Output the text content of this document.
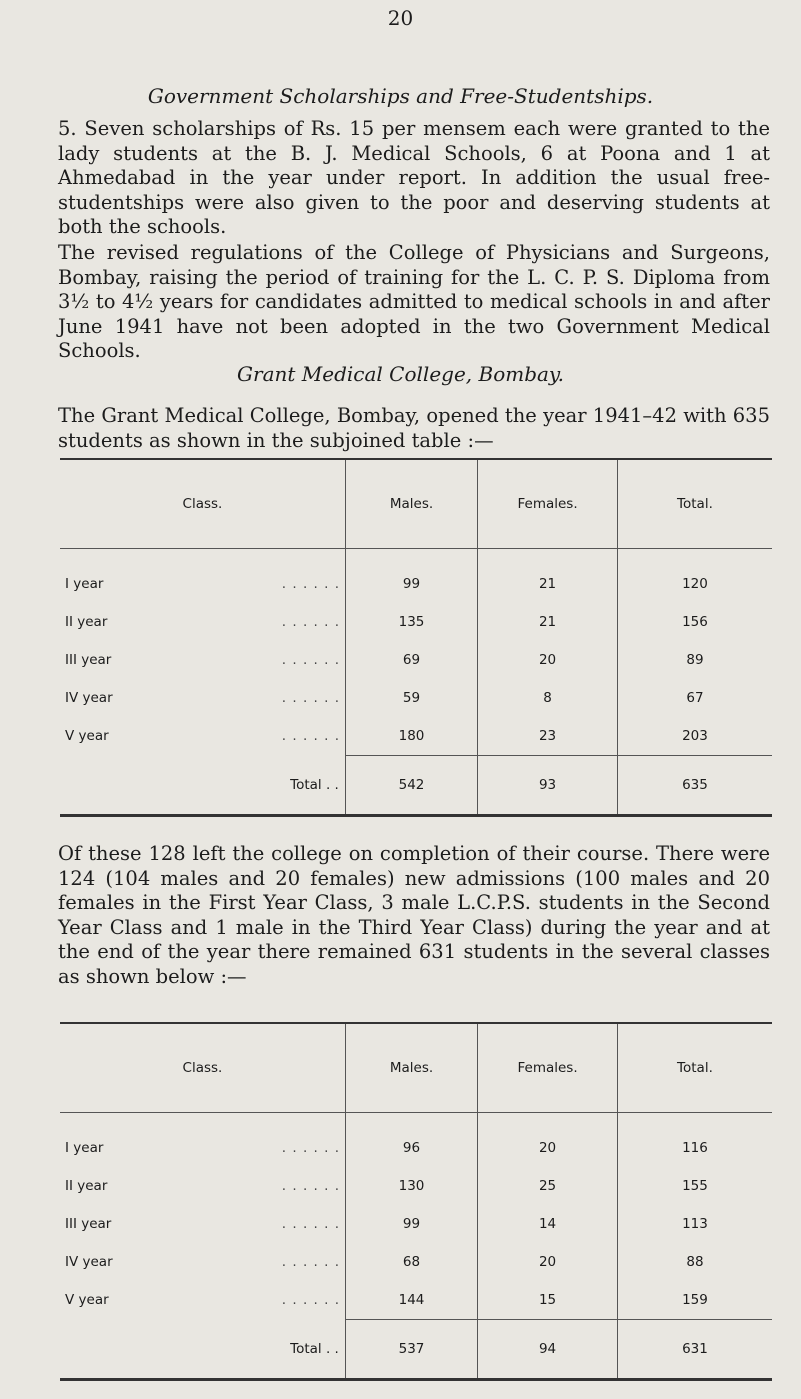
20
Government Scholarships and Free-Studentships.

5. Seven scholarships of Rs. 15 per mensem each were granted to the lady students at the B. J. Medical Schools, 6 at Poona and 1 at Ahmedabad in the year under report. In addition the usual free-studentships were also given to the poor and deserving students at both the schools.

The revised regulations of the College of Physicians and Surgeons, Bombay, raising the period of training for the L. C. P. S. Diploma from 3½ to 4½ years for candidates admitted to medical schools in and after June 1941 have not been adopted in the two Government Medical Schools.

Grant Medical College, Bombay.

The Grant Medical College, Bombay, opened the year 1941–42 with 635 students as shown in the subjoined table :—

Class.	Males.	Females.	Total.

I year . . . . . .	99	21	120
II year . . . . . .	135	21	156
III year . . . . . .	69	20	89
IV year . . . . . .	59	8	67
V year . . . . . .	180	23	203
Total . .	542	93	635

Of these 128 left the college on completion of their course. There were 124 (104 males and 20 females) new admissions (100 males and 20 females in the First Year Class, 3 male L.C.P.S. students in the Second Year Class and 1 male in the Third Year Class) during the year and at the end of the year there remained 631 students in the several classes as shown below :—

Class.	Males.	Females.	Total.

I year . . . . . .	96	20	116
II year . . . . . .	130	25	155
III year . . . . . .	99	14	113
IV year . . . . . .	68	20	88
V year . . . . . .	144	15	159
Total . .	537	94	631
